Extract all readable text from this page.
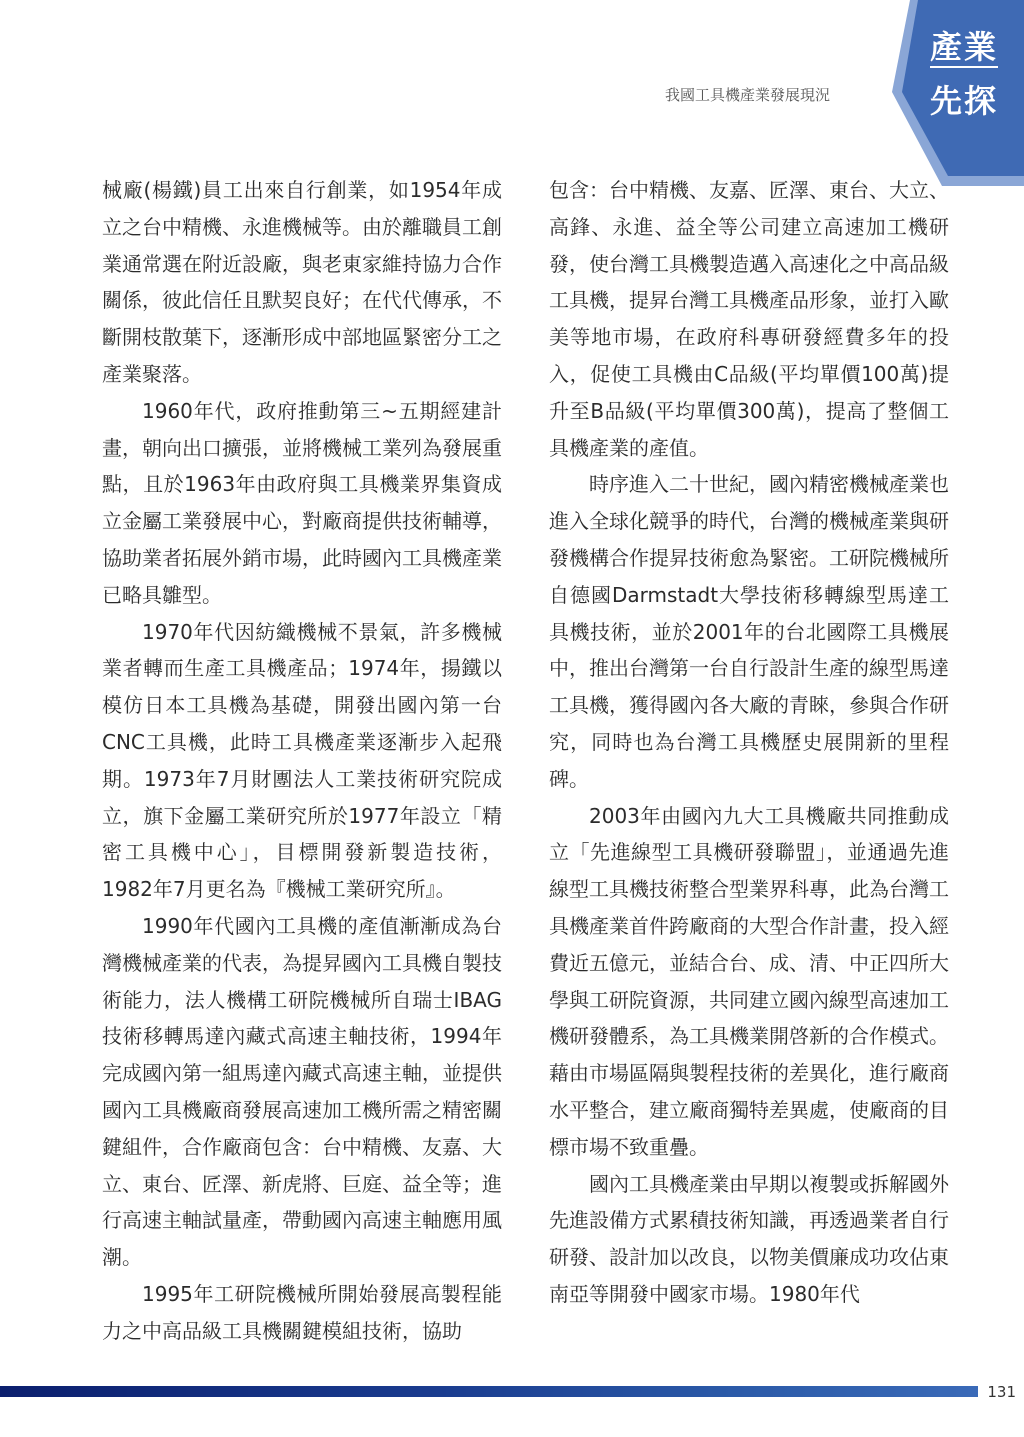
我國工具機產業發展現況
產業
先探

械廠(楊鐵)員工出來自行創業，如1954年成立之台中精機、永進機械等。由於離職員工創業通常選在附近設廠，與老東家維持協力合作關係，彼此信任且默契良好；在代代傳承，不斷開枝散葉下，逐漸形成中部地區緊密分工之產業聚落。

1960年代，政府推動第三~五期經建計畫，朝向出口擴張，並將機械工業列為發展重點，且於1963年由政府與工具機業界集資成立金屬工業發展中心，對廠商提供技術輔導，協助業者拓展外銷市場，此時國內工具機產業已略具雛型。

1970年代因紡織機械不景氣，許多機械業者轉而生產工具機產品；1974年，揚鐵以模仿日本工具機為基礎，開發出國內第一台CNC工具機，此時工具機產業逐漸步入起飛期。1973年7月財團法人工業技術研究院成立，旗下金屬工業研究所於1977年設立「精密工具機中心」，目標開發新製造技術，1982年7月更名為『機械工業研究所』。

1990年代國內工具機的產值漸漸成為台灣機械產業的代表，為提昇國內工具機自製技術能力，法人機構工研院機械所自瑞士IBAG技術移轉馬達內藏式高速主軸技術，1994年完成國內第一組馬達內藏式高速主軸，並提供國內工具機廠商發展高速加工機所需之精密關鍵組件，合作廠商包含：台中精機、友嘉、大立、東台、匠澤、新虎將、巨庭、益全等；進行高速主軸試量產，帶動國內高速主軸應用風潮。

1995年工研院機械所開始發展高製程能力之中高品級工具機關鍵模組技術，協助

包含：台中精機、友嘉、匠澤、東台、大立、高鋒、永進、益全等公司建立高速加工機研發，使台灣工具機製造邁入高速化之中高品級工具機，提昇台灣工具機產品形象，並打入歐美等地市場，在政府科專研發經費多年的投入，促使工具機由C品級(平均單價100萬)提升至B品級(平均單價300萬)，提高了整個工具機產業的產值。

時序進入二十世紀，國內精密機械產業也進入全球化競爭的時代，台灣的機械產業與研發機構合作提昇技術愈為緊密。工研院機械所自德國Darmstadt大學技術移轉線型馬達工具機技術，並於2001年的台北國際工具機展中，推出台灣第一台自行設計生產的線型馬達工具機，獲得國內各大廠的青睞，參與合作研究，同時也為台灣工具機歷史展開新的里程碑。

2003年由國內九大工具機廠共同推動成立「先進線型工具機研發聯盟」，並通過先進線型工具機技術整合型業界科專，此為台灣工具機產業首件跨廠商的大型合作計畫，投入經費近五億元，並結合台、成、清、中正四所大學與工研院資源，共同建立國內線型高速加工機研發體系，為工具機業開啓新的合作模式。藉由市場區隔與製程技術的差異化，進行廠商水平整合，建立廠商獨特差異處，使廠商的目標市場不致重疊。

國內工具機產業由早期以複製或拆解國外先進設備方式累積技術知識，再透過業者自行研發、設計加以改良，以物美價廉成功攻佔東南亞等開發中國家市場。1980年代

131
